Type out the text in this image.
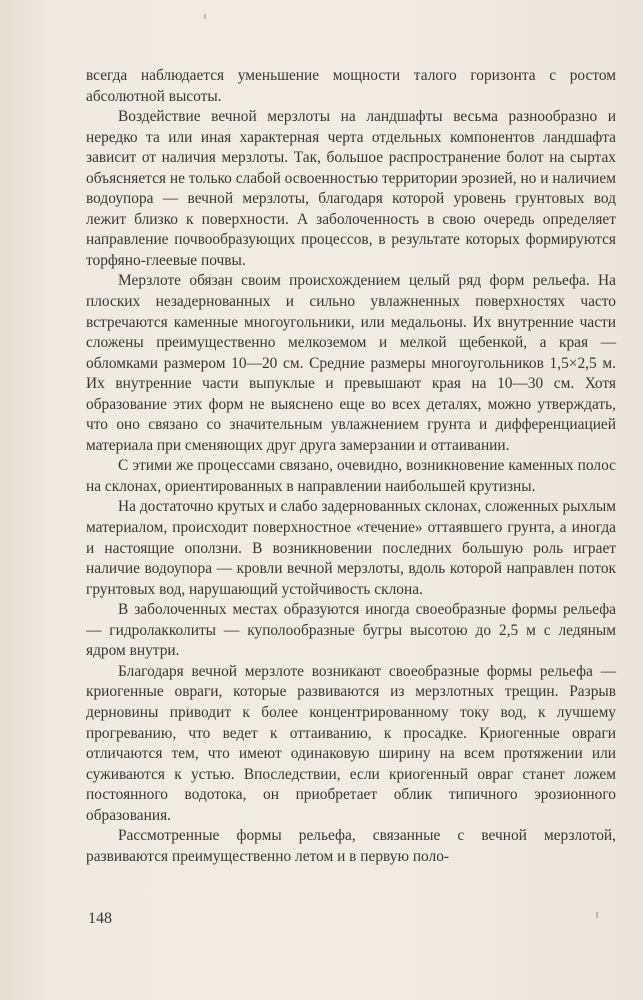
всегда наблюдается уменьшение мощности талого горизонта с ростом абсолютной высоты.

Воздействие вечной мерзлоты на ландшафты весьма разнообразно и нередко та или иная характерная черта отдельных компонентов ландшафта зависит от наличия мерзлоты. Так, большое распространение болот на сыртах объясняется не только слабой освоенностью территории эрозией, но и наличием водоупора — вечной мерзлоты, благодаря которой уровень грунтовых вод лежит близко к поверхности. А заболоченность в свою очередь определяет направление почвообразующих процессов, в результате которых формируются торфяно-глеевые почвы.

Мерзлоте обязан своим происхождением целый ряд форм рельефа. На плоских незадернованных и сильно увлажненных поверхностях часто встречаются каменные многоугольники, или медальоны. Их внутренние части сложены преимущественно мелкоземом и мелкой щебенкой, а края — обломками размером 10—20 см. Средние размеры многоугольников 1,5×2,5 м. Их внутренние части выпуклые и превышают края на 10—30 см. Хотя образование этих форм не выяснено еще во всех деталях, можно утверждать, что оно связано со значительным увлажнением грунта и дифференциацией материала при сменяющих друг друга замерзании и оттаивании.

С этими же процессами связано, очевидно, возникновение каменных полос на склонах, ориентированных в направлении наибольшей крутизны.

На достаточно крутых и слабо задернованных склонах, сложенных рыхлым материалом, происходит поверхностное «течение» оттаявшего грунта, а иногда и настоящие оползни. В возникновении последних большую роль играет наличие водоупора — кровли вечной мерзлоты, вдоль которой направлен поток грунтовых вод, нарушающий устойчивость склона.

В заболоченных местах образуются иногда своеобразные формы рельефа — гидролакколиты — куполообразные бугры высотою до 2,5 м с ледяным ядром внутри.

Благодаря вечной мерзлоте возникают своеобразные формы рельефа — криогенные овраги, которые развиваются из мерзлотных трещин. Разрыв дерновины приводит к более концентрированному току вод, к лучшему прогреванию, что ведет к оттаиванию, к просадке. Криогенные овраги отличаются тем, что имеют одинаковую ширину на всем протяжении или суживаются к устью. Впоследствии, если криогенный овраг станет ложем постоянного водотока, он приобретает облик типичного эрозионного образования.

Рассмотренные формы рельефа, связанные с вечной мерзлотой, развиваются преимущественно летом и в первую поло-

148
